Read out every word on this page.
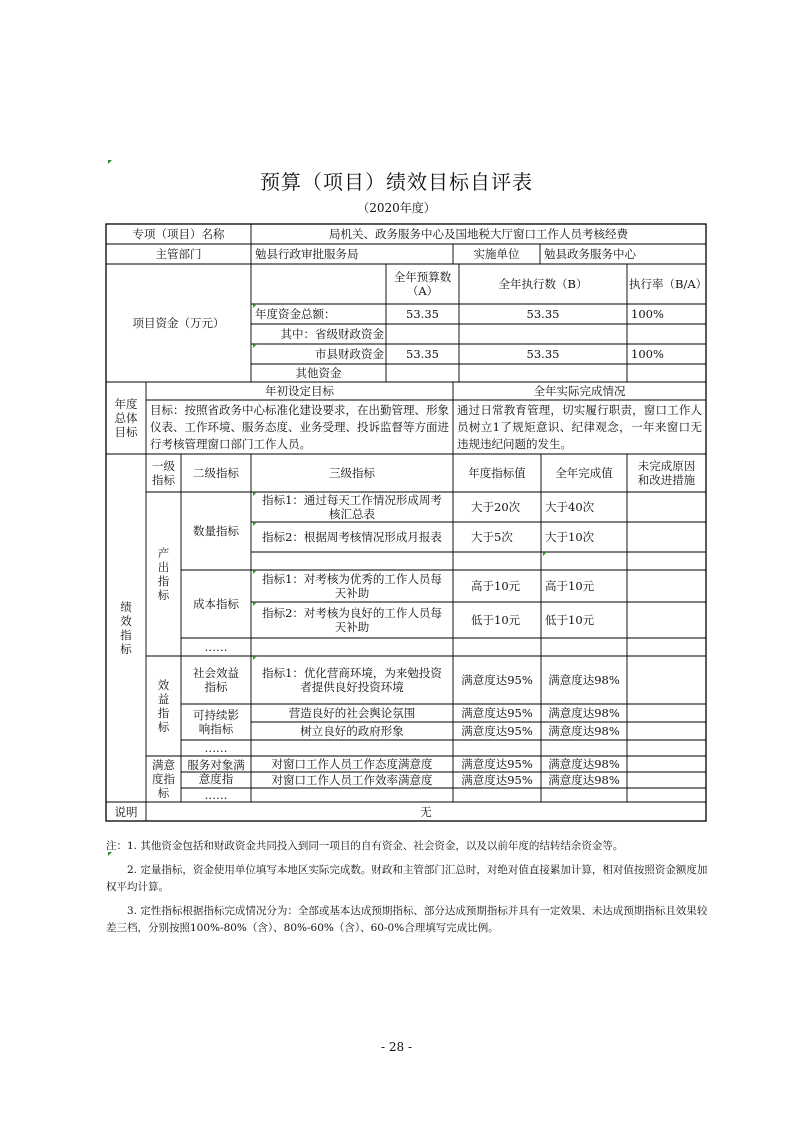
预算（项目）绩效目标自评表
（2020年度）
专项（项目）名称	局机关、政务服务中心及国地税大厅窗口工作人员考核经费
主管部门	勉县行政审批服务局	实施单位	勉县政务服务中心
项目资金（万元）
全年预算数（A）	全年执行数（B）	执行率（B/A）
年度资金总额：	53.35	53.35	100%
其中：省级财政资金
市县财政资金	53.35	53.35	100%
其他资金
年度总体目标
年初设定目标	全年实际完成情况
目标：按照省政务中心标准化建设要求，在出勤管理、形象仪表、工作环境、服务态度、业务受理、投诉监督等方面进行考核管理窗口部门工作人员。
通过日常教育管理，切实履行职责，窗口工作人员树立1了规矩意识、纪律观念，一年来窗口无违规违纪问题的发生。
绩效指标
一级指标	二级指标	三级指标	年度指标值	全年完成值	未完成原因和改进措施
产出指标
数量指标
指标1：通过每天工作情况形成周考核汇总表	大于20次	大于40次
指标2：根据周考核情况形成月报表	大于5次	大于10次
成本指标
指标1：对考核为优秀的工作人员每天补助	高于10元	高于10元
指标2：对考核为良好的工作人员每天补助	低于10元	低于10元
……
效益指标
社会效益指标
指标1：优化营商环境，为来勉投资者提供良好投资环境	满意度达95%	满意度达98%
可持续影响指标
营造良好的社会舆论氛围	满意度达95%	满意度达98%
树立良好的政府形象	满意度达95%	满意度达98%
……
满意度指标
服务对象满意度指
对窗口工作人员工作态度满意度	满意度达95%	满意度达98%
对窗口工作人员工作效率满意度	满意度达95%	满意度达98%
……
说明	无
注：1. 其他资金包括和财政资金共同投入到同一项目的自有资金、社会资金，以及以前年度的结转结余资金等。
2. 定量指标，资金使用单位填写本地区实际完成数。财政和主管部门汇总时，对绝对值直接累加计算，相对值按照资金额度加权平均计算。
3. 定性指标根据指标完成情况分为：全部或基本达成预期指标、部分达成预期指标并具有一定效果、未达成预期指标且效果较差三档，分别按照100%-80%（含）、80%-60%（含）、60-0%合理填写完成比例。
- 28 -
